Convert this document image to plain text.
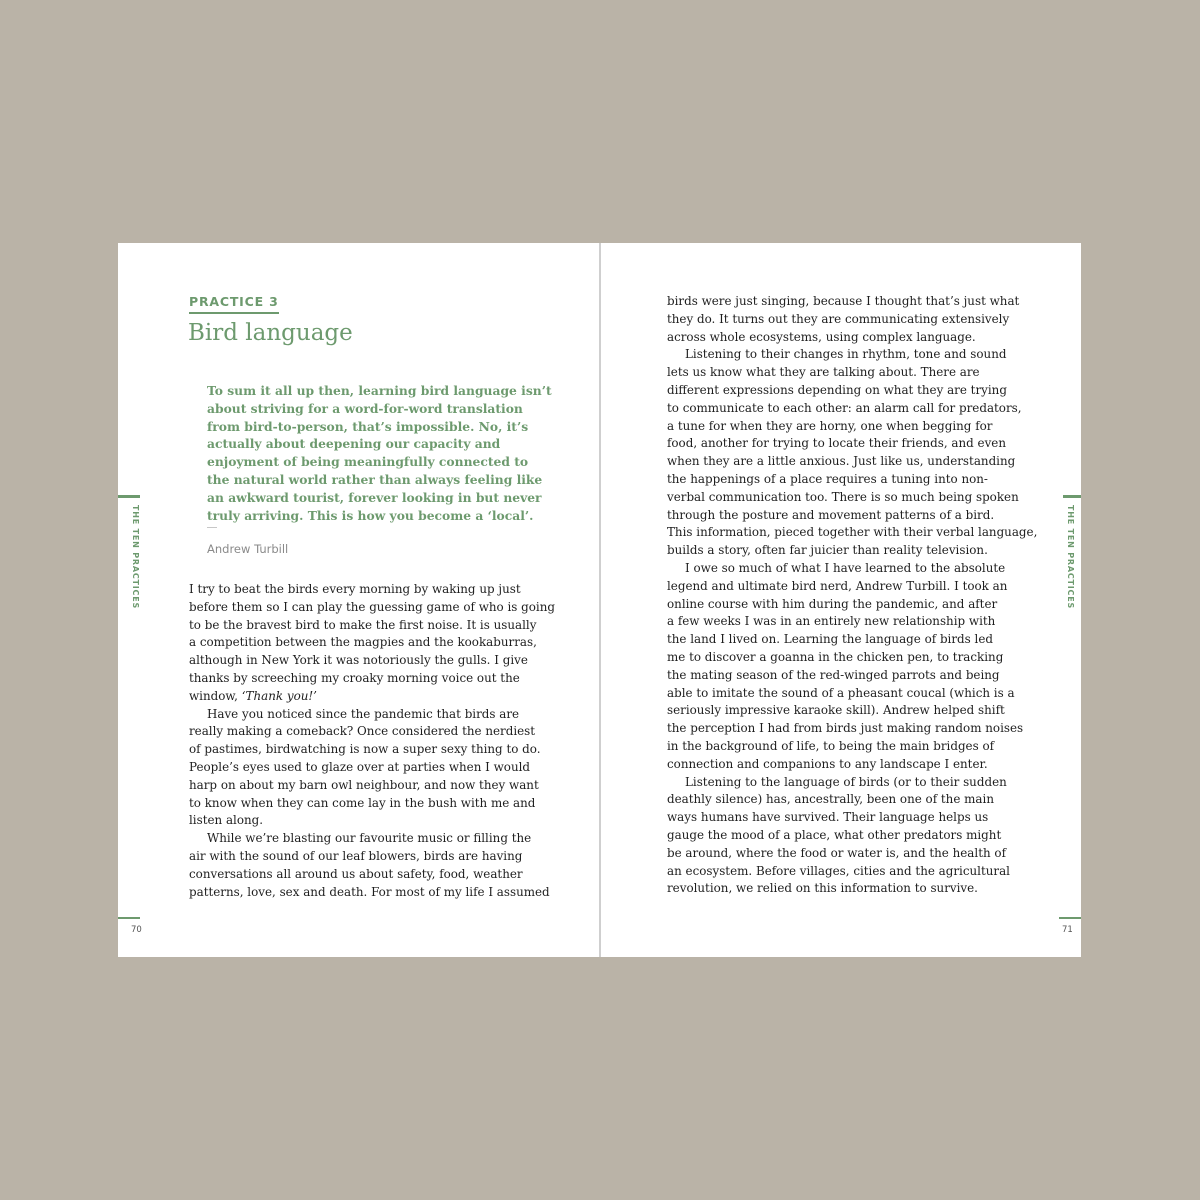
PRACTICE 3
Bird language
To sum it all up then, learning bird language isn’t
about striving for a word-for-word translation
from bird-to-person, that’s impossible. No, it’s
actually about deepening our capacity and
enjoyment of being meaningfully connected to
the natural world rather than always feeling like
an awkward tourist, forever looking in but never
truly arriving. This is how you become a ‘local’.
Andrew Turbill
I try to beat the birds every morning by waking up just
before them so I can play the guessing game of who is going
to be the bravest bird to make the first noise. It is usually
a competition between the magpies and the kookaburras,
although in New York it was notoriously the gulls. I give
thanks by screeching my croaky morning voice out the
window, ‘Thank you!’
Have you noticed since the pandemic that birds are
really making a comeback? Once considered the nerdiest
of pastimes, birdwatching is now a super sexy thing to do.
People’s eyes used to glaze over at parties when I would
harp on about my barn owl neighbour, and now they want
to know when they can come lay in the bush with me and
listen along.
While we’re blasting our favourite music or filling the
air with the sound of our leaf blowers, birds are having
conversations all around us about safety, food, weather
patterns, love, sex and death. For most of my life I assumed
THE TEN PRACTICES
70
birds were just singing, because I thought that’s just what
they do. It turns out they are communicating extensively
across whole ecosystems, using complex language.
Listening to their changes in rhythm, tone and sound
lets us know what they are talking about. There are
different expressions depending on what they are trying
to communicate to each other: an alarm call for predators,
a tune for when they are horny, one when begging for
food, another for trying to locate their friends, and even
when they are a little anxious. Just like us, understanding
the happenings of a place requires a tuning into non-
verbal communication too. There is so much being spoken
through the posture and movement patterns of a bird.
This information, pieced together with their verbal language,
builds a story, often far juicier than reality television.
I owe so much of what I have learned to the absolute
legend and ultimate bird nerd, Andrew Turbill. I took an
online course with him during the pandemic, and after
a few weeks I was in an entirely new relationship with
the land I lived on. Learning the language of birds led
me to discover a goanna in the chicken pen, to tracking
the mating season of the red-winged parrots and being
able to imitate the sound of a pheasant coucal (which is a
seriously impressive karaoke skill). Andrew helped shift
the perception I had from birds just making random noises
in the background of life, to being the main bridges of
connection and companions to any landscape I enter.
Listening to the language of birds (or to their sudden
deathly silence) has, ancestrally, been one of the main
ways humans have survived. Their language helps us
gauge the mood of a place, what other predators might
be around, where the food or water is, and the health of
an ecosystem. Before villages, cities and the agricultural
revolution, we relied on this information to survive.
THE TEN PRACTICES
71
